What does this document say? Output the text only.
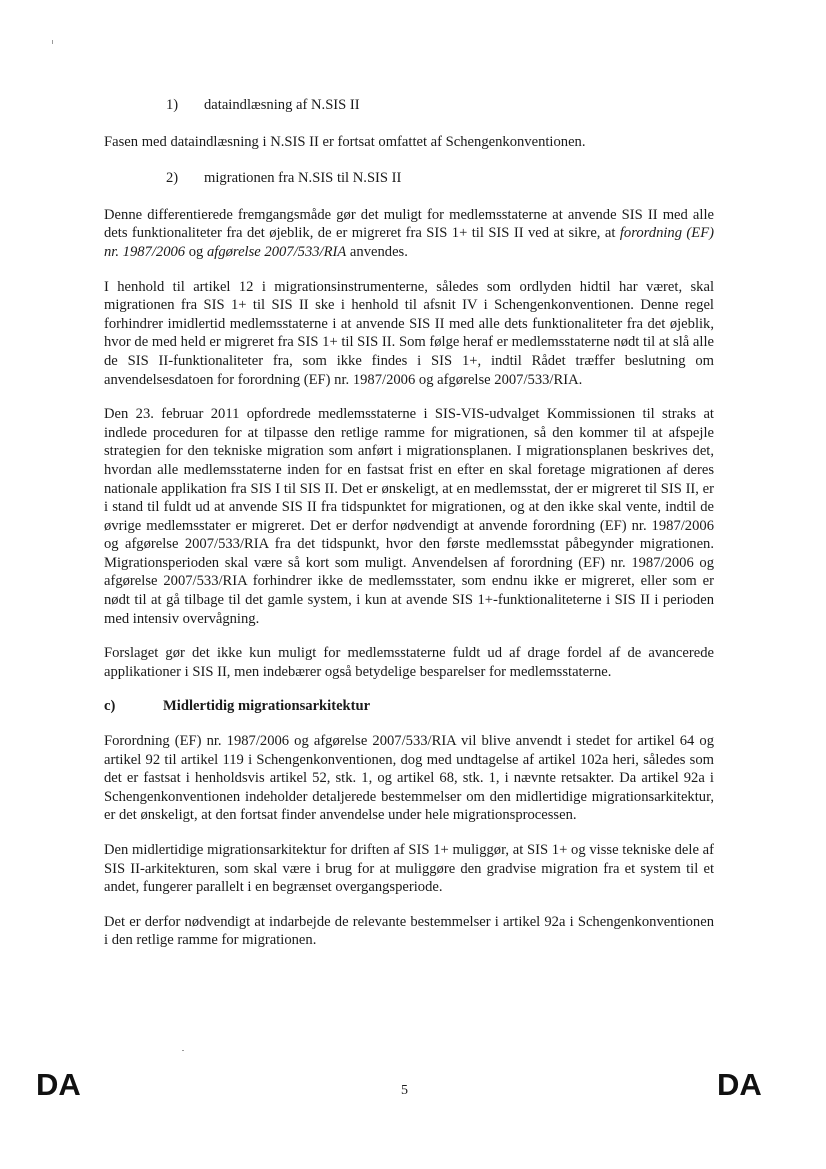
1)	dataindlæsning af N.SIS II

Fasen med dataindlæsning i N.SIS II er fortsat omfattet af Schengenkonventionen.

2)	migrationen fra N.SIS til N.SIS II

Denne differentierede fremgangsmåde gør det muligt for medlemsstaterne at anvende SIS II med alle dets funktionaliteter fra det øjeblik, de er migreret fra SIS 1+ til SIS II ved at sikre, at forordning (EF) nr. 1987/2006 og afgørelse 2007/533/RIA anvendes.

I henhold til artikel 12 i migrationsinstrumenterne, således som ordlyden hidtil har været, skal migrationen fra SIS 1+ til SIS II ske i henhold til afsnit IV i Schengenkonventionen. Denne regel forhindrer imidlertid medlemsstaterne i at anvende SIS II med alle dets funktionaliteter fra det øjeblik, hvor de med held er migreret fra SIS 1+ til SIS II. Som følge heraf er medlemsstaterne nødt til at slå alle de SIS II-funktionaliteter fra, som ikke findes i SIS 1+, indtil Rådet træffer beslutning om anvendelsesdatoen for forordning (EF) nr. 1987/2006 og afgørelse 2007/533/RIA.

Den 23. februar 2011 opfordrede medlemsstaterne i SIS-VIS-udvalget Kommissionen til straks at indlede proceduren for at tilpasse den retlige ramme for migrationen, så den kommer til at afspejle strategien for den tekniske migration som anført i migrationsplanen. I migrationsplanen beskrives det, hvordan alle medlemsstaterne inden for en fastsat frist en efter en skal foretage migrationen af deres nationale applikation fra SIS I til SIS II. Det er ønskeligt, at en medlemsstat, der er migreret til SIS II, er i stand til fuldt ud at anvende SIS II fra tidspunktet for migrationen, og at den ikke skal vente, indtil de øvrige medlemsstater er migreret. Det er derfor nødvendigt at anvende forordning (EF) nr. 1987/2006 og afgørelse 2007/533/RIA fra det tidspunkt, hvor den første medlemsstat påbegynder migrationen. Migrationsperioden skal være så kort som muligt. Anvendelsen af forordning (EF) nr. 1987/2006 og afgørelse 2007/533/RIA forhindrer ikke de medlemsstater, som endnu ikke er migreret, eller som er nødt til at gå tilbage til det gamle system, i kun at avende SIS 1+-funktionaliteterne i SIS II i perioden med intensiv overvågning.

Forslaget gør det ikke kun muligt for medlemsstaterne fuldt ud af drage fordel af de avancerede applikationer i SIS II, men indebærer også betydelige besparelser for medlemsstaterne.

c)	Midlertidig migrationsarkitektur

Forordning (EF) nr. 1987/2006 og afgørelse 2007/533/RIA vil blive anvendt i stedet for artikel 64 og artikel 92 til artikel 119 i Schengenkonventionen, dog med undtagelse af artikel 102a heri, således som det er fastsat i henholdsvis artikel 52, stk. 1, og artikel 68, stk. 1, i nævnte retsakter. Da artikel 92a i Schengenkonventionen indeholder detaljerede bestemmelser om den midlertidige migrationsarkitektur, er det ønskeligt, at den fortsat finder anvendelse under hele migrationsprocessen.

Den midlertidige migrationsarkitektur for driften af SIS 1+ muliggør, at SIS 1+ og visse tekniske dele af SIS II-arkitekturen, som skal være i brug for at muliggøre den gradvise migration fra et system til et andet, fungerer parallelt i en begrænset overgangsperiode.

Det er derfor nødvendigt at indarbejde de relevante bestemmelser i artikel 92a i Schengenkonventionen i den retlige ramme for migrationen.

DA	5	DA
